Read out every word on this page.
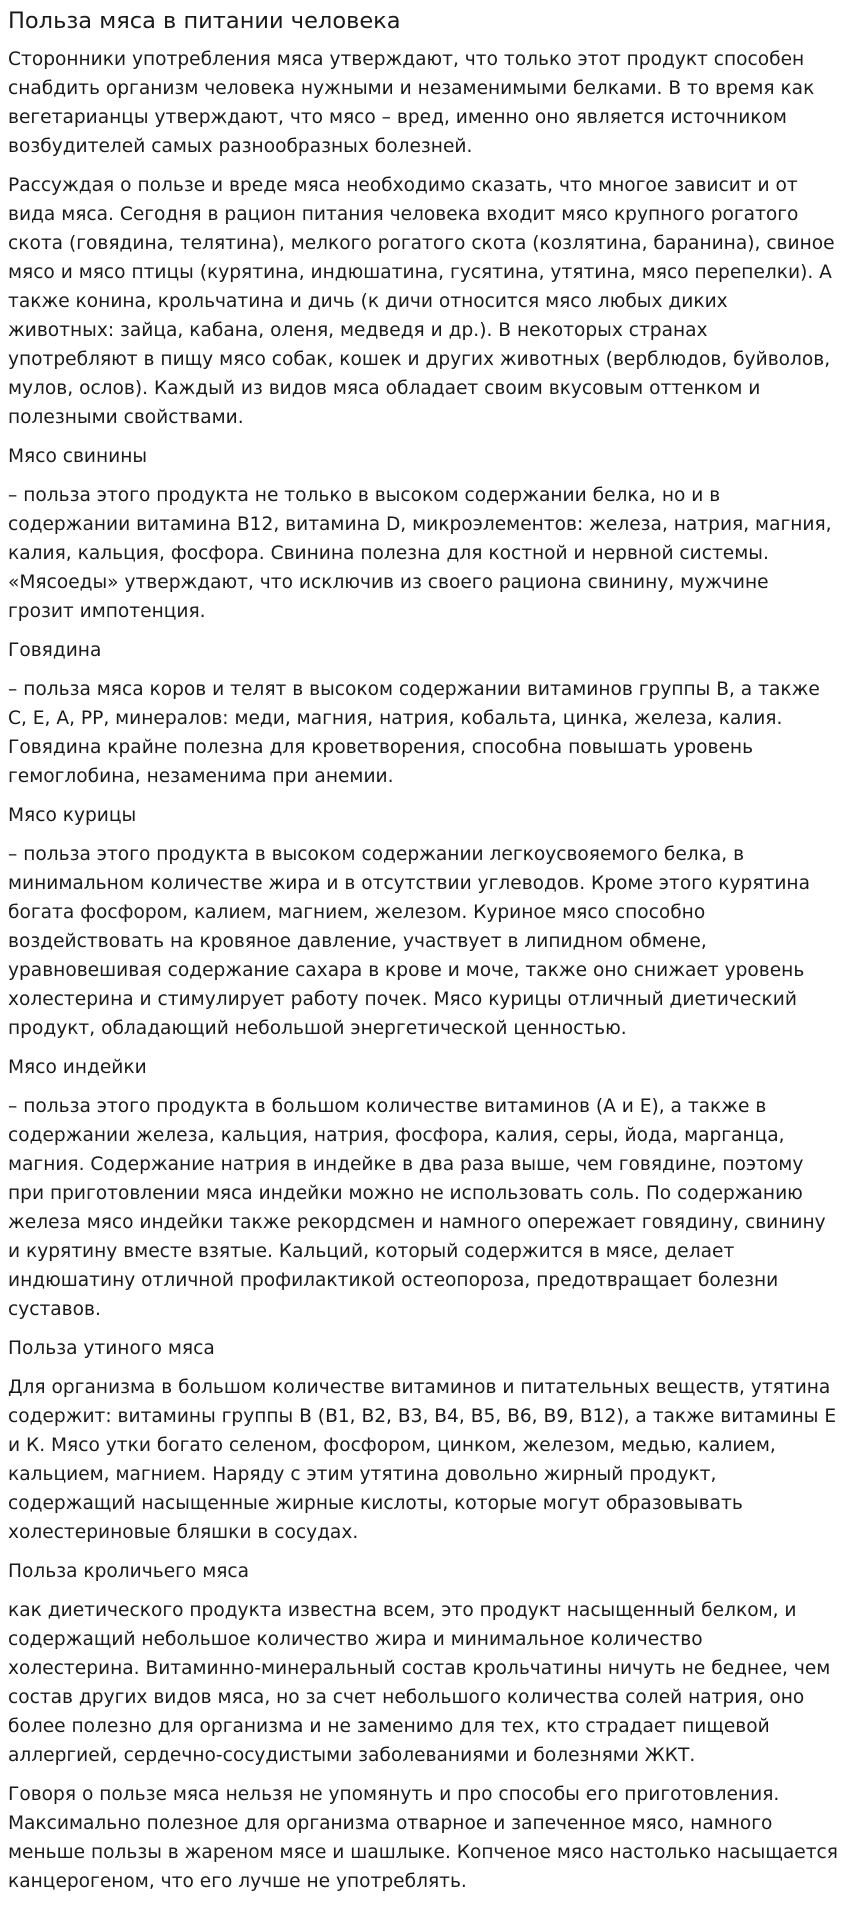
Польза мяса в питании человека

Сторонники употребления мяса утверждают, что только этот продукт способен снабдить организм человека нужными и незаменимыми белками. В то время как вегетарианцы утверждают, что мясо – вред, именно оно является источником возбудителей самых разнообразных болезней.

Рассуждая о пользе и вреде мяса необходимо сказать, что многое зависит и от вида мяса. Сегодня в рацион питания человека входит мясо крупного рогатого скота (говядина, телятина), мелкого рогатого скота (козлятина, баранина), свиное мясо и мясо птицы (курятина, индюшатина, гусятина, утятина, мясо перепелки). А также конина, крольчатина и дичь (к дичи относится мясо любых диких животных: зайца, кабана, оленя, медведя и др.). В некоторых странах употребляют в пищу мясо собак, кошек и других животных (верблюдов, буйволов, мулов, ослов). Каждый из видов мяса обладает своим вкусовым оттенком и полезными свойствами.

Мясо свинины

– польза этого продукта не только в высоком содержании белка, но и в содержании витамина В12, витамина D, микроэлементов: железа, натрия, магния, калия, кальция, фосфора. Свинина полезна для костной и нервной системы. «Мясоеды» утверждают, что исключив из своего рациона свинину, мужчине грозит импотенция.

Говядина

– польза мяса коров и телят в высоком содержании витаминов группы В, а также С, Е, А, РР, минералов: меди, магния, натрия, кобальта, цинка, железа, калия. Говядина крайне полезна для кроветворения, способна повышать уровень гемоглобина, незаменима при анемии.

Мясо курицы

– польза этого продукта в высоком содержании легкоусвояемого белка, в минимальном количестве жира и в отсутствии углеводов. Кроме этого курятина богата фосфором, калием, магнием, железом. Куриное мясо способно воздействовать на кровяное давление, участвует в липидном обмене, уравновешивая содержание сахара в крове и моче, также оно снижает уровень холестерина и стимулирует работу почек. Мясо курицы отличный диетический продукт, обладающий небольшой энергетической ценностью.

Мясо индейки

– польза этого продукта в большом количестве витаминов (А и Е), а также в содержании железа, кальция, натрия, фосфора, калия, серы, йода, марганца, магния. Содержание натрия в индейке в два раза выше, чем говядине, поэтому при приготовлении мяса индейки можно не использовать соль. По содержанию железа мясо индейки также рекордсмен и намного опережает говядину, свинину и курятину вместе взятые. Кальций, который содержится в мясе, делает индюшатину отличной профилактикой остеопороза, предотвращает болезни суставов.

Польза утиного мяса

Для организма в большом количестве витаминов и питательных веществ, утятина содержит: витамины группы В (В1, В2, В3, В4, В5, В6, В9, В12), а также витамины Е и К. Мясо утки богато селеном, фосфором, цинком, железом, медью, калием, кальцием, магнием. Наряду с этим утятина довольно жирный продукт, содержащий насыщенные жирные кислоты, которые могут образовывать холестериновые бляшки в сосудах.

Польза кроличьего мяса

как диетического продукта известна всем, это продукт насыщенный белком, и содержащий небольшое количество жира и минимальное количество холестерина. Витаминно-минеральный состав крольчатины ничуть не беднее, чем состав других видов мяса, но за счет небольшого количества солей натрия, оно более полезно для организма и не заменимо для тех, кто страдает пищевой аллергией, сердечно-сосудистыми заболеваниями и болезнями ЖКТ.

Говоря о пользе мяса нельзя не упомянуть и про способы его приготовления. Максимально полезное для организма отварное и запеченное мясо, намного меньше пользы в жареном мясе и шашлыке. Копченое мясо настолько насыщается канцерогеном, что его лучше не употреблять.
